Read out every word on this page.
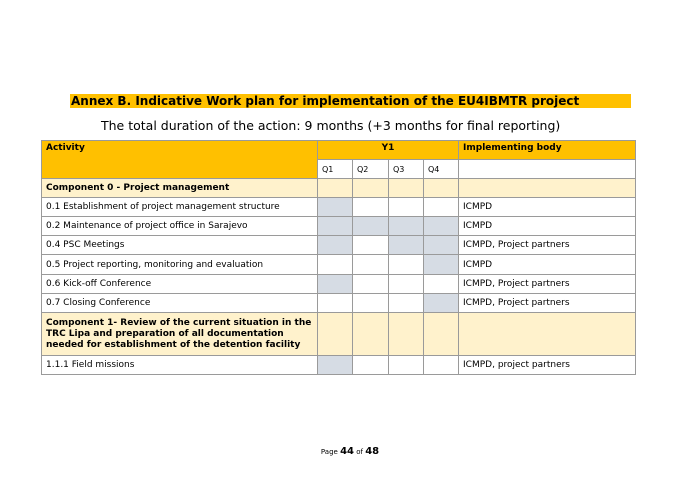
Annex B. Indicative Work plan for implementation of the EU4IBMTR project
The total duration of the action: 9 months (+3 months for final reporting)
Activity	Y1				Implementing body
	Q1	Q2	Q3	Q4	
Component 0 - Project management					
0.1 Establishment of project management structure					ICMPD
0.2 Maintenance of project office in Sarajevo					ICMPD
0.4 PSC Meetings					ICMPD, Project partners
0.5 Project reporting, monitoring and evaluation					ICMPD
0.6 Kick-off Conference					ICMPD, Project partners
0.7 Closing Conference					ICMPD, Project partners
Component 1- Review of the current situation in the TRC Lipa and preparation of all documentation needed for establishment of the detention facility					
1.1.1 Field missions					ICMPD, project partners
Page 44 of 48
